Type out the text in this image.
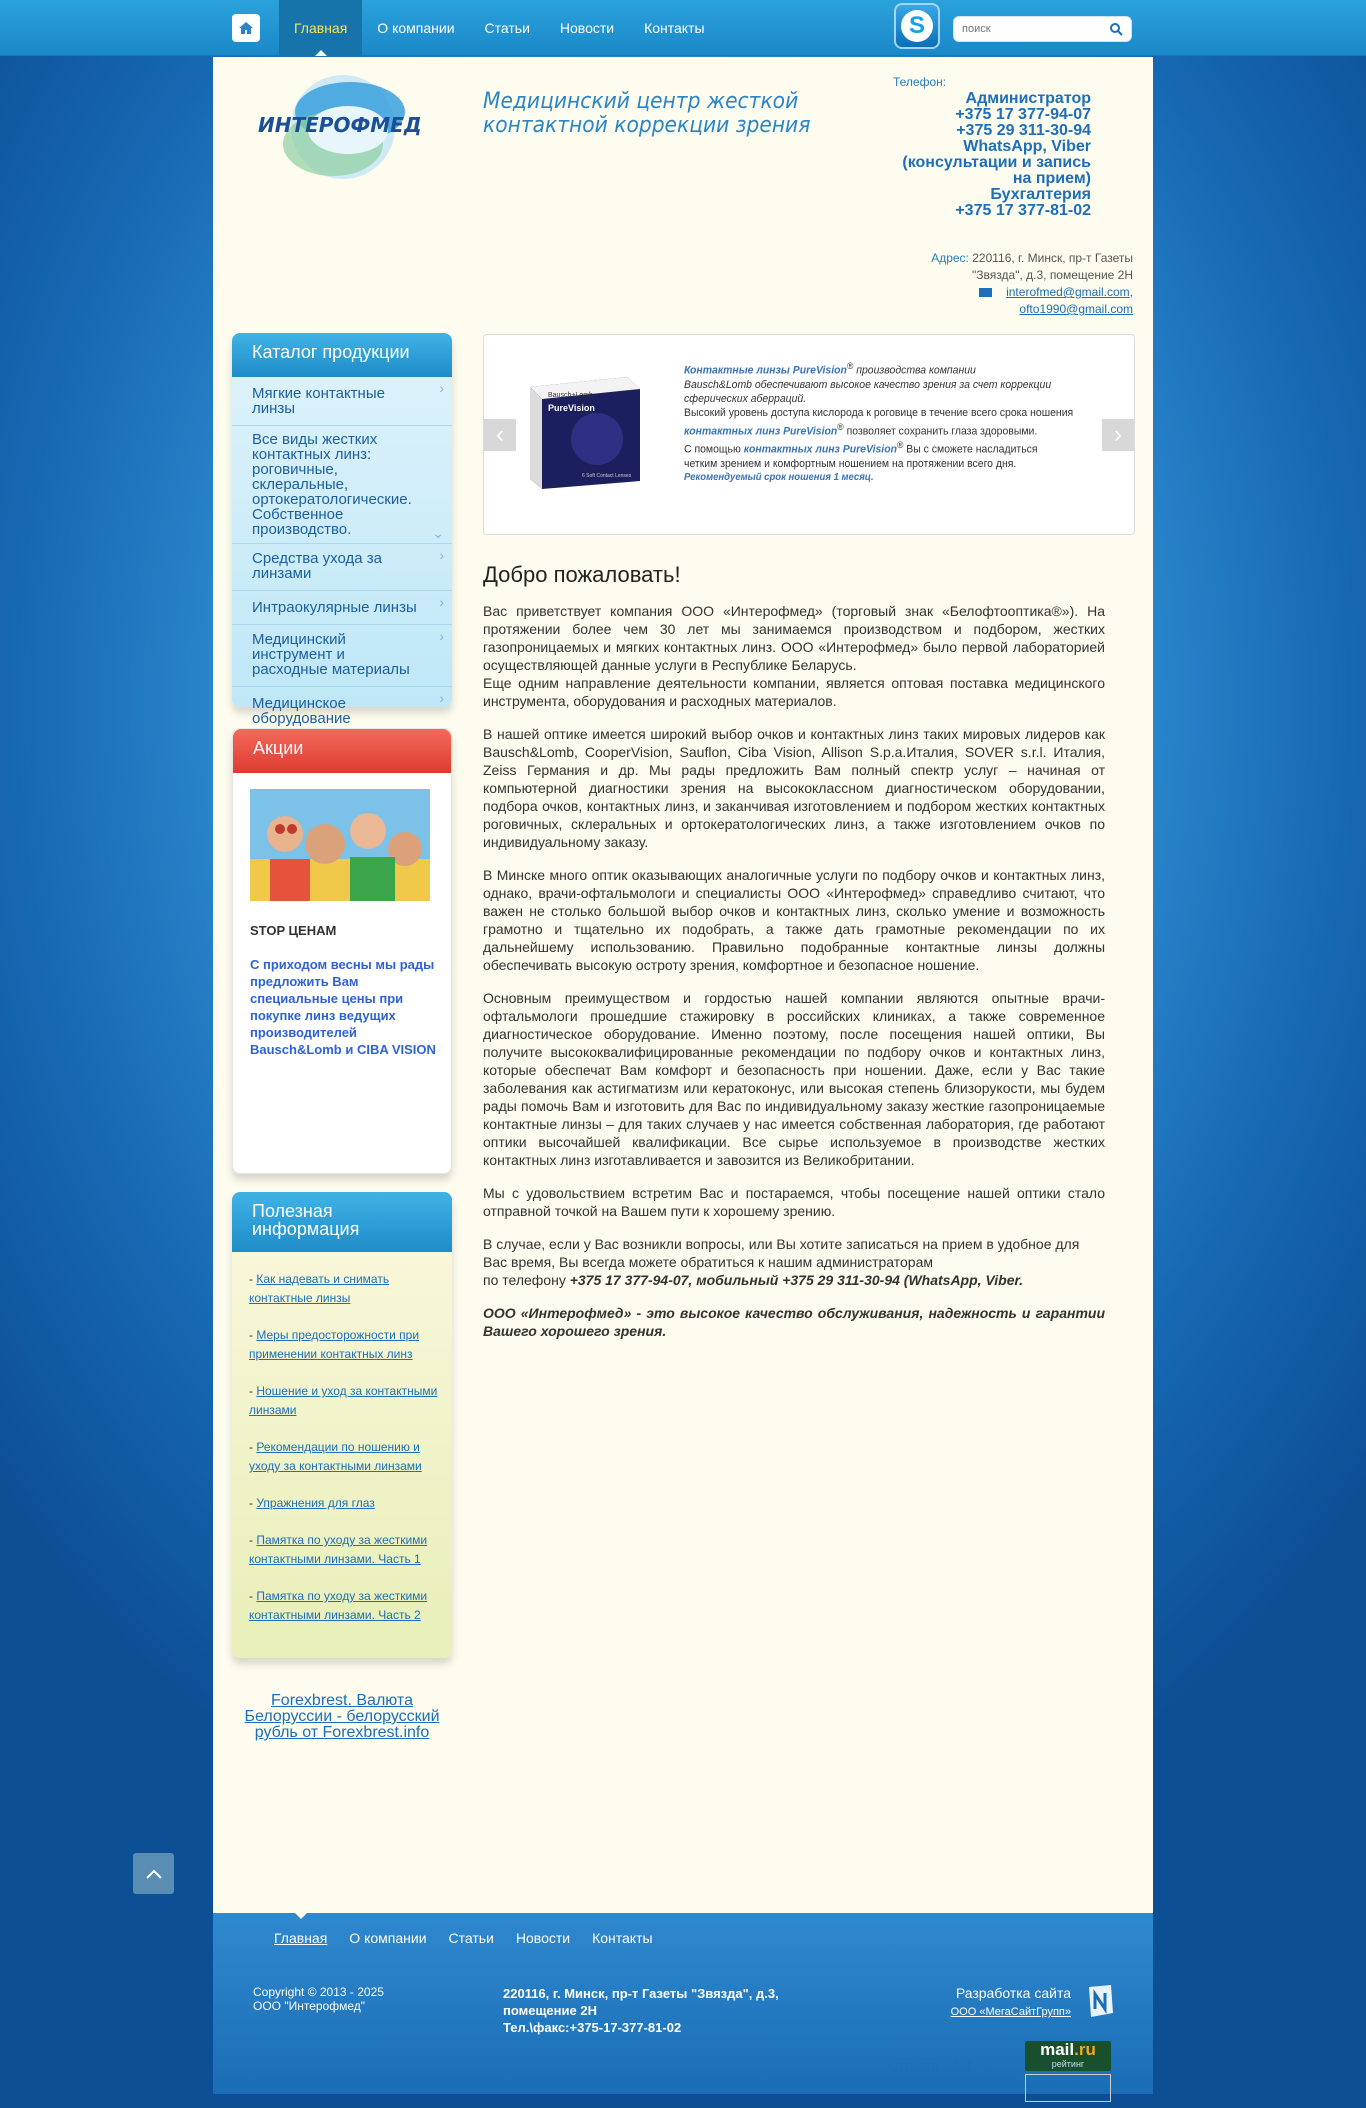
Главная	О компании	Статьи	Новости	Контакты	S
поиск
ИНТЕРОФМЕД
Медицинский центр жесткой
контактной коррекции зрения
Телефон:
Администратор
+375 17 377-94-07
+375 29 311-30-94
WhatsApp, Viber
(консультации и запись
на прием)
Бухгалтерия
+375 17 377-81-02
Адрес: 220116, г. Минск, пр-т Газеты
"Звязда", д.3, помещение 2Н
interofmed@gmail.com,
ofto1990@gmail.com
Каталог продукции
Мягкие контактные линзы ›
Все виды жестких контактных линз: роговичные, склеральные, ортокератологические. Собственное производство. ⌄
Средства ухода за линзами ›
Интраокулярные линзы ›
Медицинский инструмент и расходные материалы ›
Медицинское оборудование ›
Акции
STOP ЦЕНАМ
С приходом весны мы рады предложить Вам специальные цены при покупке линз ведущих производителей Bausch&Lomb и CIBA VISION
Полезная информация
- Как надевать и снимать контактные линзы
- Меры предосторожности при применении контактных линз
- Ношение и уход за контактными линзами
- Рекомендации по ношению и уходу за контактными линзами
- Упражнения для глаз
- Памятка по уходу за жесткими контактными линзами. Часть 1
- Памятка по уходу за жесткими контактными линзами. Часть 2
Forexbrest. Валюта Белоруссии - белорусский рубль от Forexbrest.info
‹
Bausch+Lomb
PureVision
6 Soft Contact Lenses
Контактные линзы PureVision® производства компании
Bausch&Lomb обеспечивают высокое качество зрения за счет коррекции сферических аберраций.
Высокий уровень доступа кислорода к роговице в течение всего срока ношения контактных линз PureVision® позволяет сохранить глаза здоровыми.
С помощью контактных линз PureVision® Вы с сможете насладиться четким зрением и комфортным ношением на протяжении всего дня.
Рекомендуемый срок ношения 1 месяц.
›
Добро пожаловать!

Вас приветствует компания ООО «Интерофмед» (торговый знак «Белофтооптика®»). На протяжении более чем 30 лет мы занимаемся производством и подбором, жестких газопроницаемых и мягких контактных линз. ООО «Интерофмед» было первой лабораторией осуществляющей данные услуги в Республике Беларусь.
Еще одним направление деятельности компании, является оптовая поставка медицинского инструмента, оборудования и расходных материалов.

В нашей оптике имеется широкий выбор очков и контактных линз таких мировых лидеров как Bausch&Lomb, CooperVision, Sauflon, Ciba Vision, Allison S.p.a.Италия, SOVER s.r.l. Италия, Zeiss Германия и др. Мы рады предложить Вам полный спектр услуг – начиная от компьютерной диагностики зрения на высококлассном диагностическом оборудовании, подбора очков, контактных линз, и заканчивая изготовлением и подбором жестких контактных роговичных, склеральных и ортокератологических линз, а также изготовлением очков по индивидуальному заказу.

В Минске много оптик оказывающих аналогичные услуги по подбору очков и контактных линз, однако, врачи-офтальмологи и специалисты ООО «Интерофмед» справедливо считают, что важен не столько большой выбор очков и контактных линз, сколько умение и возможность грамотно и тщательно их подобрать, а также дать грамотные рекомендации по их дальнейшему использованию. Правильно подобранные контактные линзы должны обеспечивать высокую остроту зрения, комфортное и безопасное ношение.

Основным преимуществом и гордостью нашей компании являются опытные врачи-офтальмологи прошедшие стажировку в российских клиниках, а также современное диагностическое оборудование. Именно поэтому, после посещения нашей оптики, Вы получите высококвалифицированные рекомендации по подбору очков и контактных линз, которые обеспечат Вам комфорт и безопасность при ношении. Даже, если у Вас такие заболевания как астигматизм или кератоконус, или высокая степень близорукости, мы будем рады помочь Вам и изготовить для Вас по индивидуальному заказу жесткие газопроницаемые контактные линзы – для таких случаев у нас имеется собственная лаборатория, где работают оптики высочайшей квалификации. Все сырье используемое в производстве жестких контактных линз изготавливается и завозится из Великобритании.

Мы с удовольствием встретим Вас и постараемся, чтобы посещение нашей оптики стало отправной точкой на Вашем пути к хорошему зрению.

В случае, если у Вас возникли вопросы, или Вы хотите записаться на прием в удобное для Вас время, Вы всегда можете обратиться к нашим администраторам
по телефону +375 17 377-94-07, мобильный +375 29 311-30-94 (WhatsApp, Viber.

ООО «Интерофмед» - это высокое качество обслуживания, надежность и гарантии Вашего хорошего зрения.

Главная	О компании	Статьи	Новости	Контакты
Copyright © 2013 - 2025
ООО "Интерофмед"
220116, г. Минск, пр-т Газеты "Звязда", д.3,
помещение 2Н
Тел.\факс:+375-17-377-81-02
Разработка сайта
ООО «МегаСайтГрупп»
Каталог TUT.BY
mail.ru
рейтинг
